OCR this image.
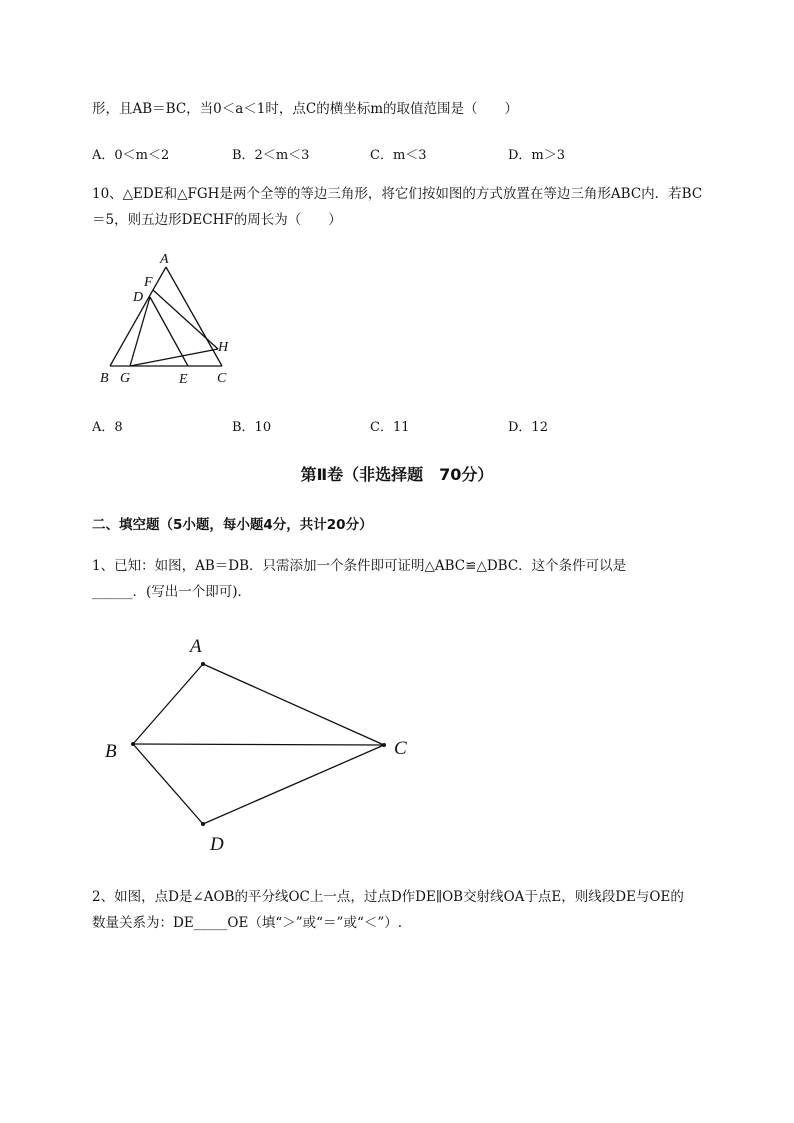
形，且AB＝BC，当0＜a＜1时，点C的横坐标m的取值范围是（　　）
A．0＜m＜2	B．2＜m＜3	C．m＜3	D．m＞3
10、△EDE和△FGH是两个全等的等边三角形，将它们按如图的方式放置在等边三角形ABC内．若BC
＝5，则五边形DECHF的周长为（　　）
A
F
D
H
B G	E C
A．8	B．10	C．11	D．12
第Ⅱ卷（非选择题　70分）
二、填空题（5小题，每小题4分，共计20分）
1、已知：如图，AB＝DB．只需添加一个条件即可证明△ABC≌△DBC．这个条件可以是
______．(写出一个即可)．
A
B	C
D
2、如图，点D是∠AOB的平分线OC上一点，过点D作DE∥OB交射线OA于点E，则线段DE与OE的
数量关系为：DE_____OE（填“＞”或“＝”或“＜”）.
